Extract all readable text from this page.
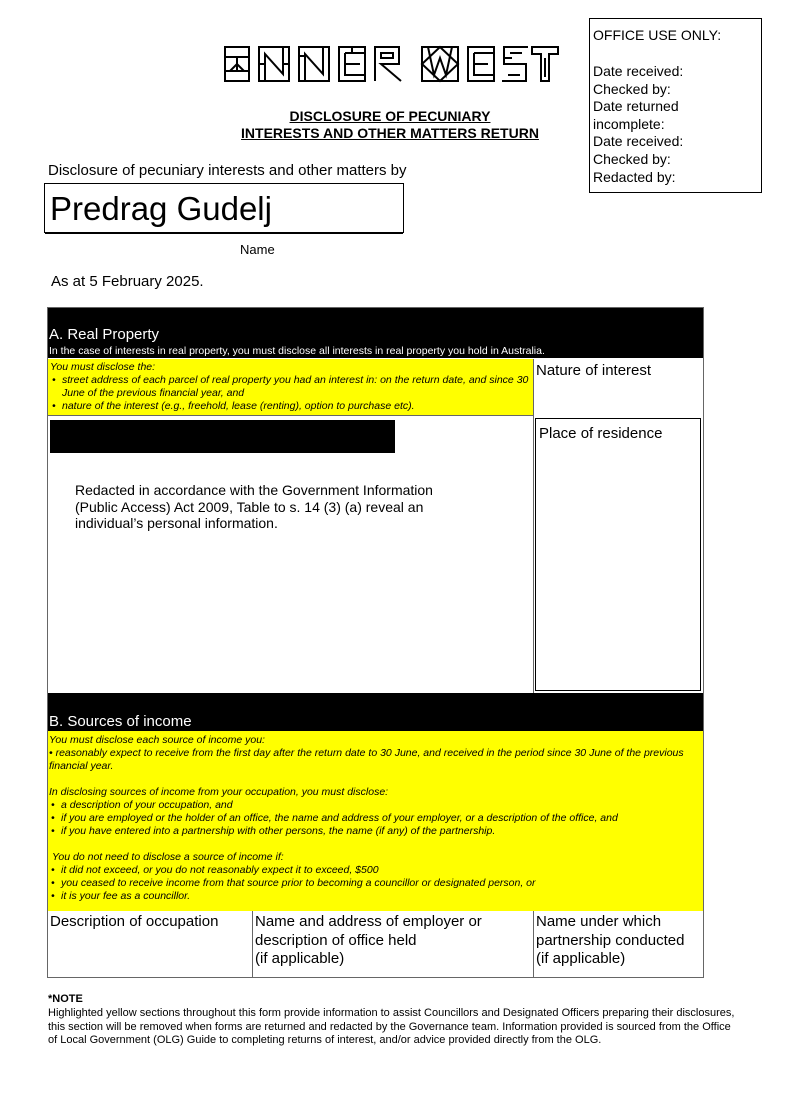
OFFICE USE ONLY:
Date received:
Checked by:
Date returned
incomplete:
Date received:
Checked by:
Redacted by:
DISCLOSURE OF PECUNIARY
INTERESTS AND OTHER MATTERS RETURN
Disclosure of pecuniary interests and other matters by
Predrag Gudelj
Name
As at 5 February 2025.
A. Real Property
In the case of interests in real property, you must disclose all interests in real property you hold in Australia.
You must disclose the:
• street address of each parcel of real property you had an interest in: on the return date, and since 30 June of the previous financial year, and
• nature of the interest (e.g., freehold, lease (renting), option to purchase etc).
Nature of interest
Place of residence
Redacted in accordance with the Government Information (Public Access) Act 2009, Table to s. 14 (3) (a) reveal an individual’s personal information.
B. Sources of income

You must disclose each source of income you:

• reasonably expect to receive from the first day after the return date to 30 June, and received in the period since 30 June of the previous financial year.

In disclosing sources of income from your occupation, you must disclose:

• a description of your occupation, and
• if you are employed or the holder of an office, the name and address of your employer, or a description of the office, and
• if you have entered into a partnership with other persons, the name (if any) of the partnership.

You do not need to disclose a source of income if:

• it did not exceed, or you do not reasonably expect it to exceed, $500
• you ceased to receive income from that source prior to becoming a councillor or designated person, or
• it is your fee as a councillor.
Description of occupation Name and address of employer or
description of office held
(if applicable)
Name under which
partnership conducted
(if applicable)
*NOTE
Highlighted yellow sections throughout this form provide information to assist Councillors and Designated Officers preparing their disclosures, this section will be removed when forms are returned and redacted by the Governance team. Information provided is sourced from the Office of Local Government (OLG) Guide to completing returns of interest, and/or advice provided directly from the OLG.
